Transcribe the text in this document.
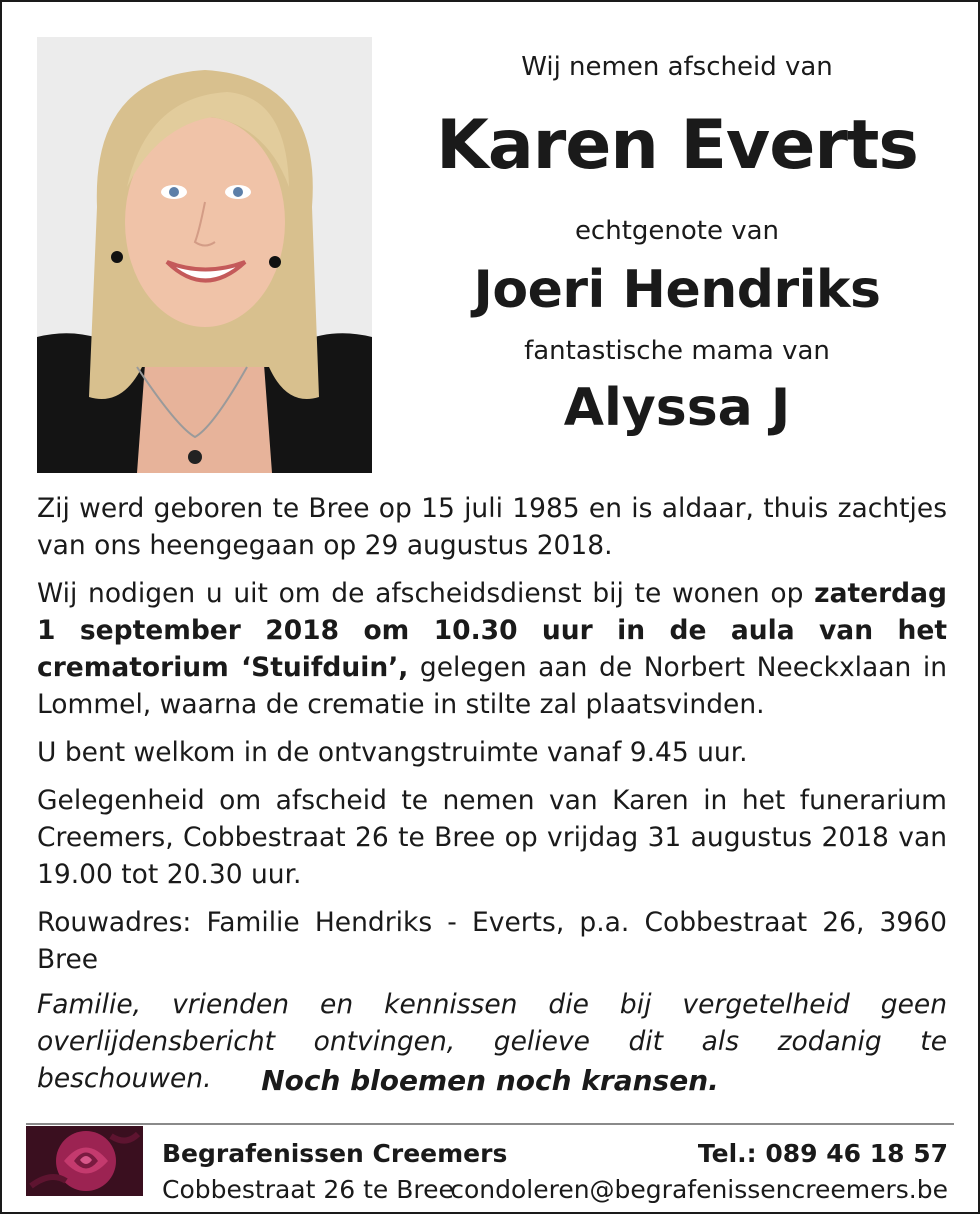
Wij nemen afscheid van
Karen Everts
echtgenote van
Joeri Hendriks
fantastische mama van
Alyssa J

Zij werd geboren te Bree op 15 juli 1985 en is aldaar, thuis zachtjes van ons heengegaan op 29 augustus 2018.

Wij nodigen u uit om de afscheidsdienst bij te wonen op zaterdag 1 september 2018 om 10.30 uur in de aula van het crematorium ‘Stuifduin’, gelegen aan de Norbert Neeckxlaan in Lommel, waarna de crematie in stilte zal plaatsvinden.

U bent welkom in de ontvangstruimte vanaf 9.45 uur.

Gelegenheid om afscheid te nemen van Karen in het funerarium Creemers, Cobbestraat 26 te Bree op vrijdag 31 augustus 2018 van 19.00 tot 20.30 uur.

Rouwadres: Familie Hendriks - Everts, p.a. Cobbestraat 26, 3960 Bree

Familie, vrienden en kennissen die bij vergetelheid geen overlijdensbericht ontvingen, gelieve dit als zodanig te beschouwen.	Noch bloemen noch kransen.
Begrafenissen Creemers
Cobbestraat 26 te Bree
Tel.: 089 46 18 57
condoleren@begrafenissencreemers.be
